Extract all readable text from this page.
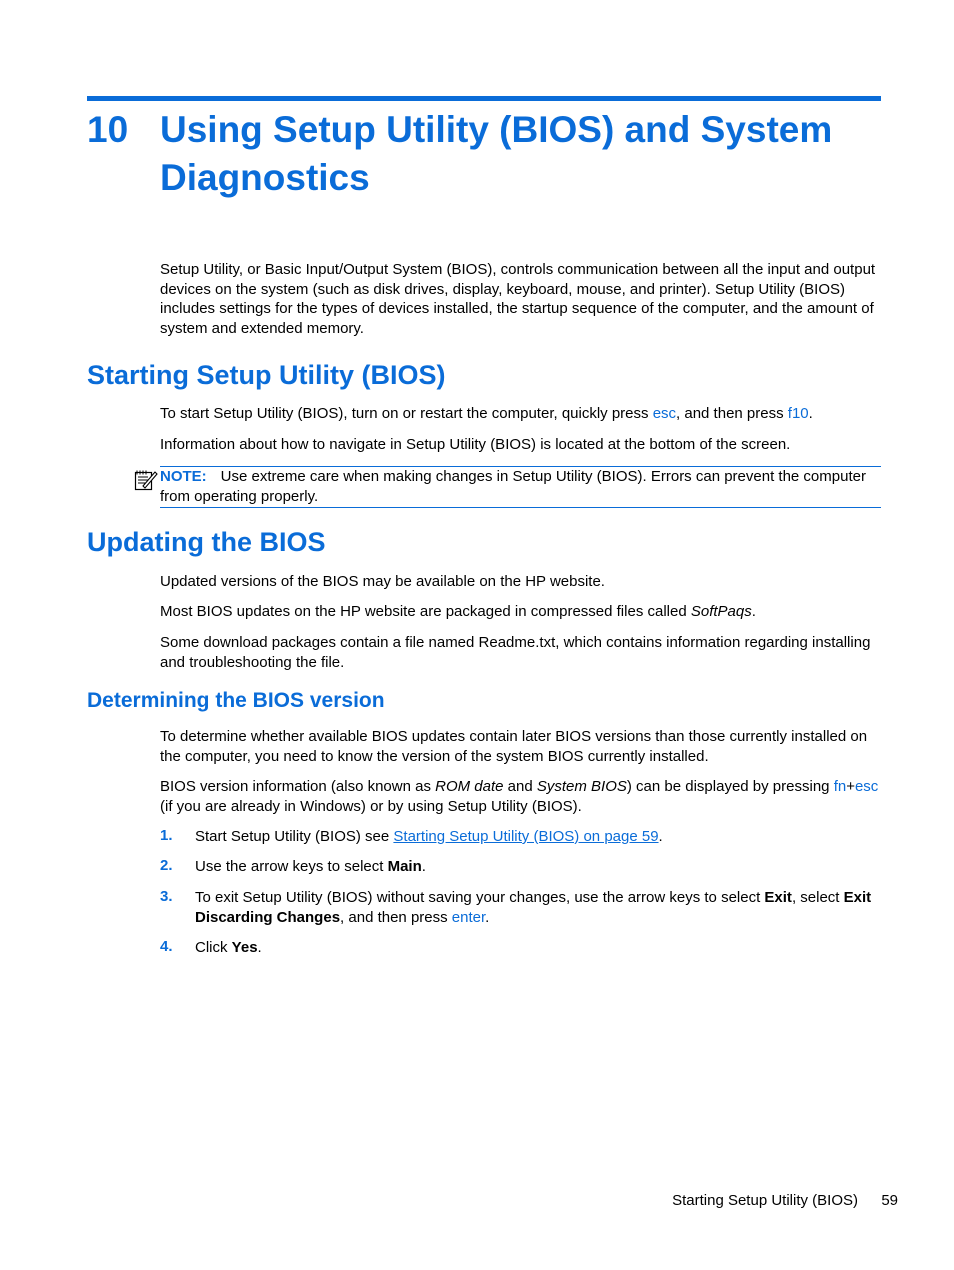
10 Using Setup Utility (BIOS) and System Diagnostics

Setup Utility, or Basic Input/Output System (BIOS), controls communication between all the input and output devices on the system (such as disk drives, display, keyboard, mouse, and printer). Setup Utility (BIOS) includes settings for the types of devices installed, the startup sequence of the computer, and the amount of system and extended memory.

Starting Setup Utility (BIOS)

To start Setup Utility (BIOS), turn on or restart the computer, quickly press esc, and then press f10.

Information about how to navigate in Setup Utility (BIOS) is located at the bottom of the screen.

NOTE: Use extreme care when making changes in Setup Utility (BIOS). Errors can prevent the computer from operating properly.

Updating the BIOS

Updated versions of the BIOS may be available on the HP website.

Most BIOS updates on the HP website are packaged in compressed files called SoftPaqs.

Some download packages contain a file named Readme.txt, which contains information regarding installing and troubleshooting the file.

Determining the BIOS version

To determine whether available BIOS updates contain later BIOS versions than those currently installed on the computer, you need to know the version of the system BIOS currently installed.

BIOS version information (also known as ROM date and System BIOS) can be displayed by pressing fn+esc (if you are already in Windows) or by using Setup Utility (BIOS).

1. Start Setup Utility (BIOS) see Starting Setup Utility (BIOS) on page 59.
2. Use the arrow keys to select Main.
3. To exit Setup Utility (BIOS) without saving your changes, use the arrow keys to select Exit, select Exit Discarding Changes, and then press enter.
4. Click Yes.
Starting Setup Utility (BIOS) 59
